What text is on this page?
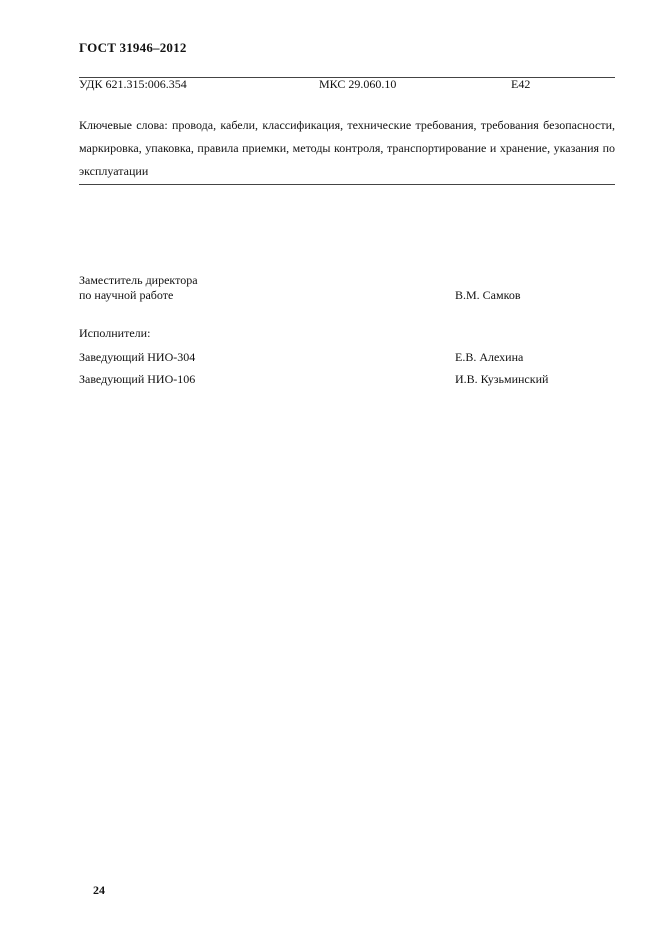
ГОСТ 31946–2012
УДК 621.315:006.354	МКС 29.060.10	Е42
Ключевые слова: провода, кабели, классификация, технические требования, требования безопасности, маркировка, упаковка, правила приемки, методы контроля, транспортирование и хранение, указания по эксплуатации
Заместитель директора
по научной работе	В.М. Самков
Исполнители:
Заведующий НИО-304	Е.В. Алехина
Заведующий НИО-106	И.В. Кузьминский
24
